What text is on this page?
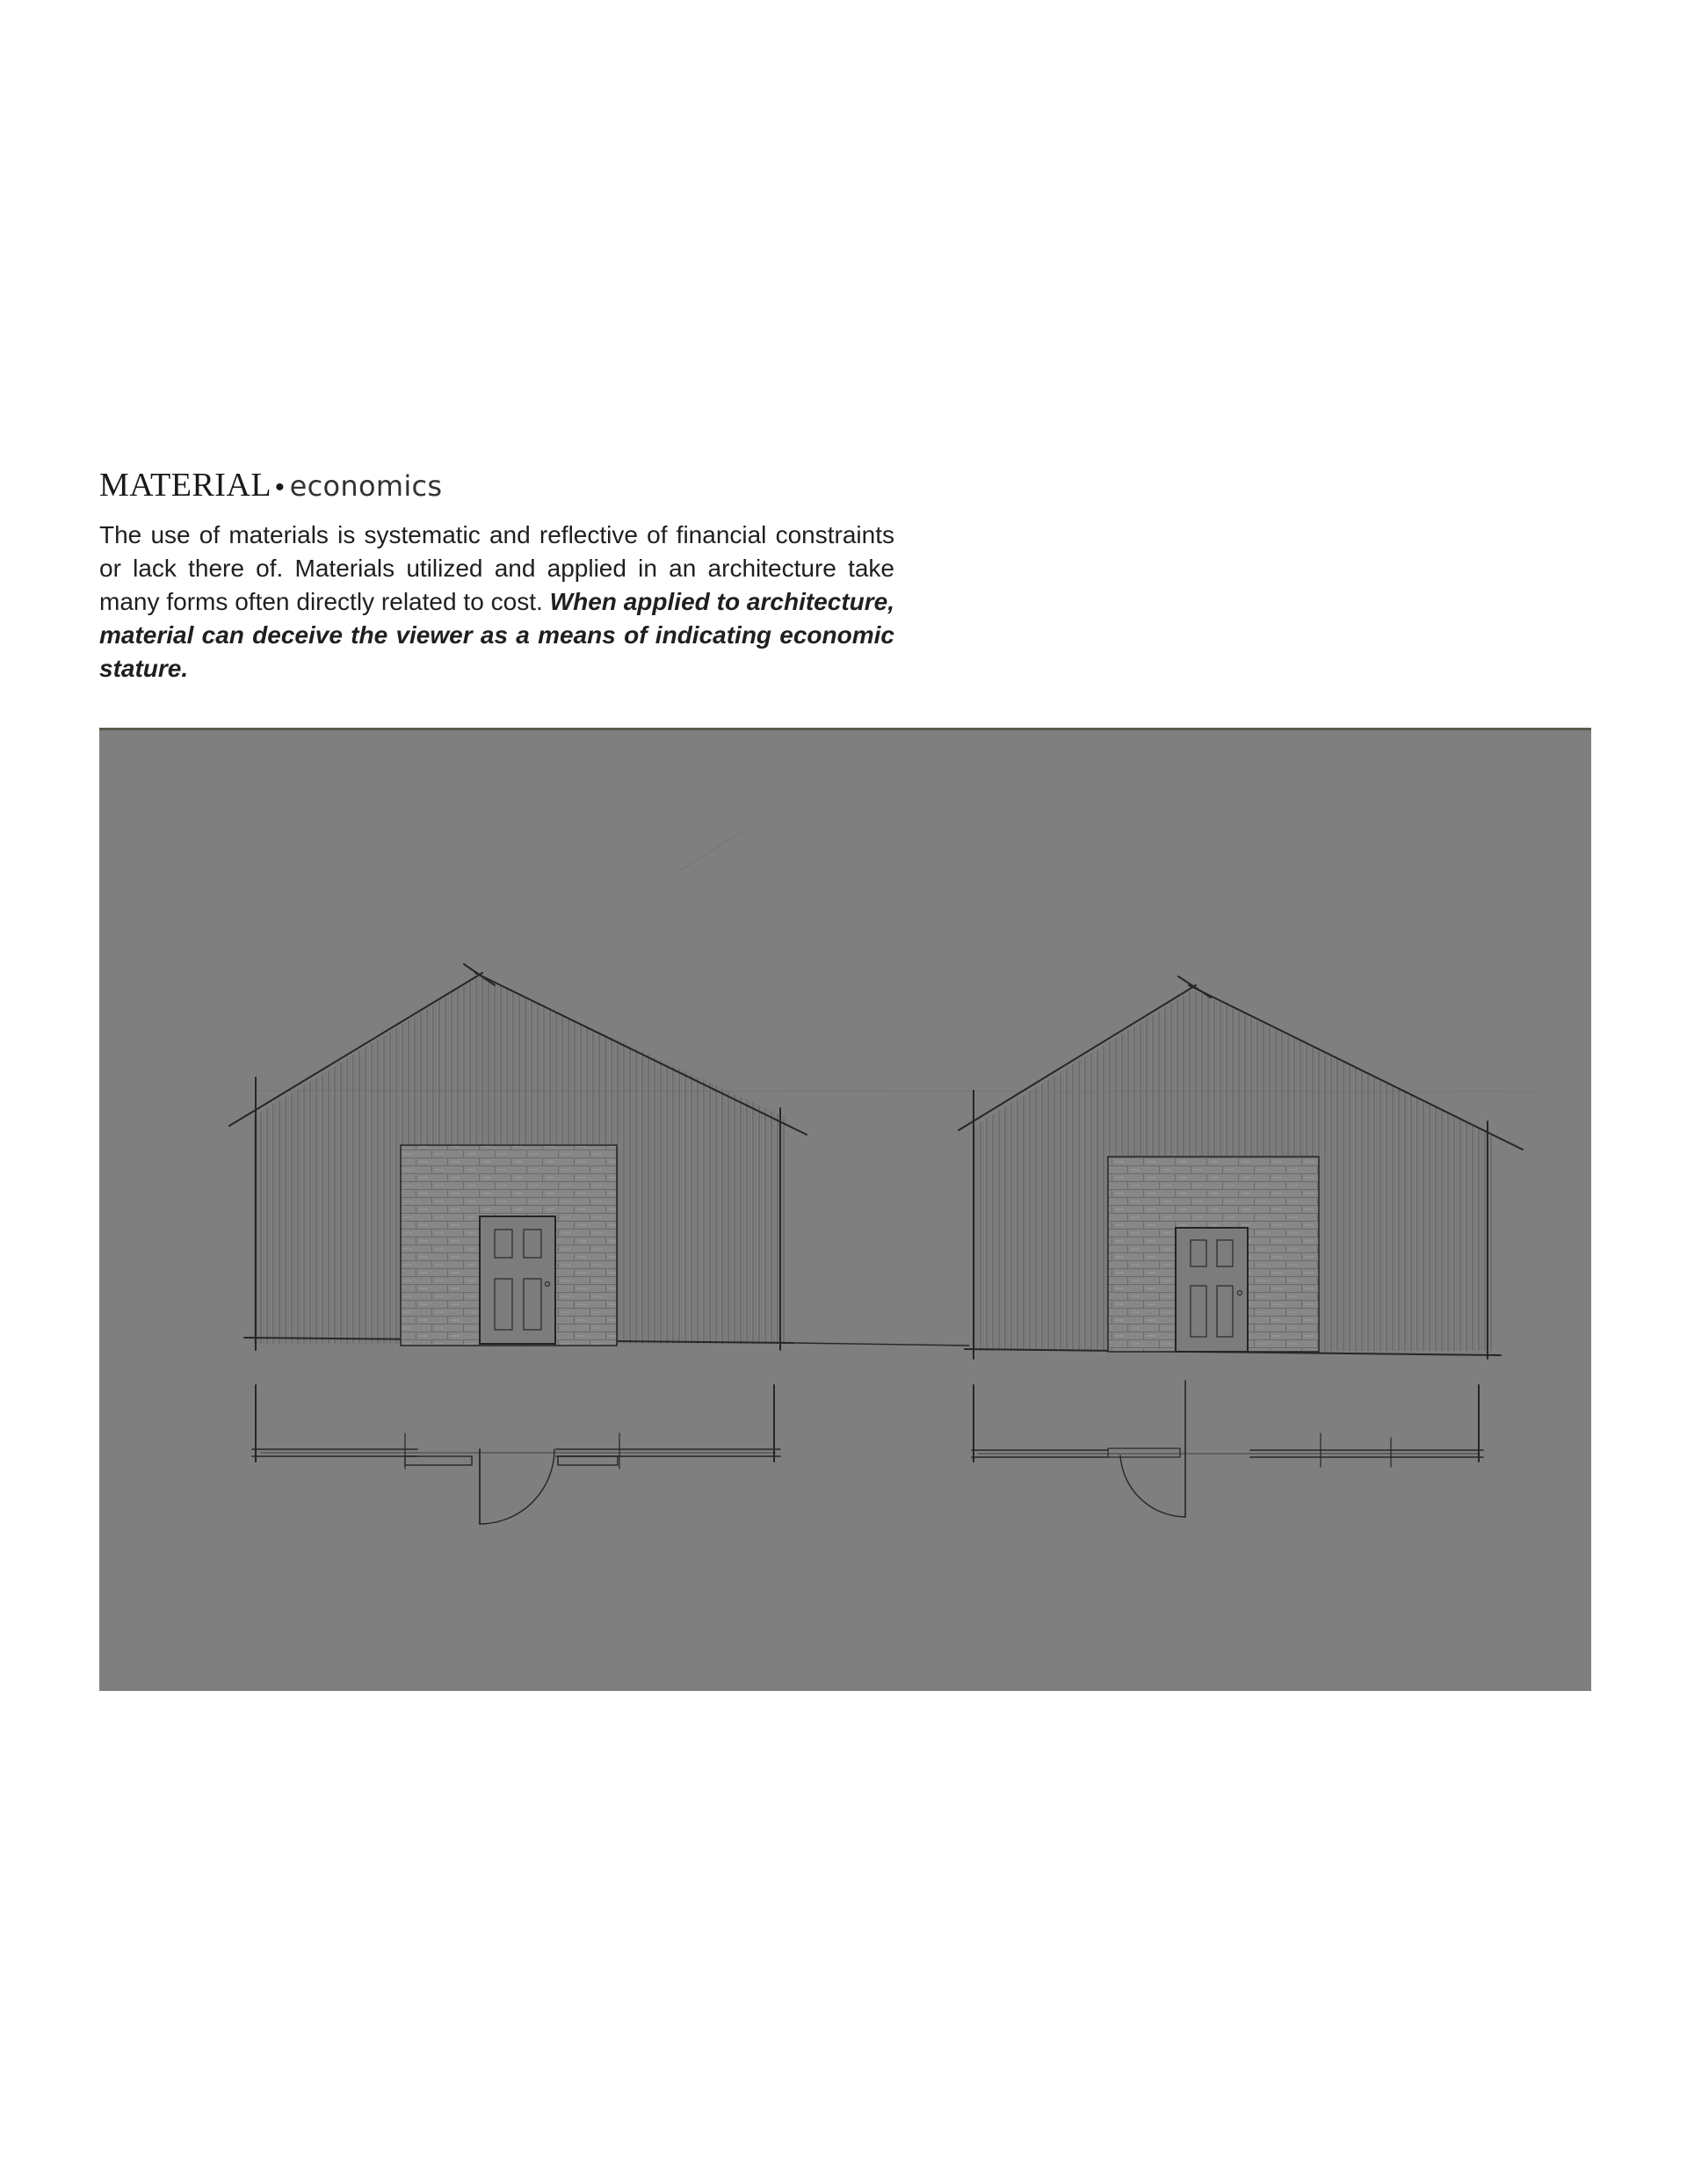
MATERIAL • economics

The use of materials is systematic and reflective of financial constraints or lack there of. Materials utilized and applied in an architecture take many forms often directly related to cost. When applied to architecture, material can deceive the viewer as a means of indicating economic stature.
